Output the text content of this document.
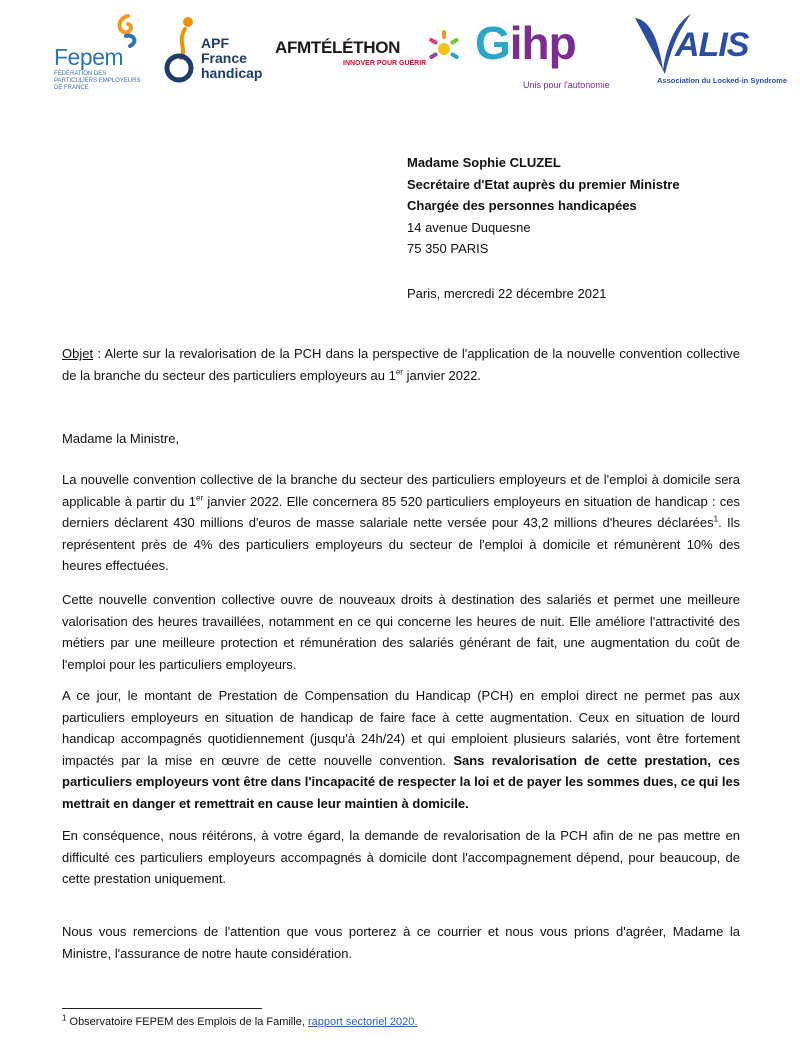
Fepem
FÉDÉRATION DES PARTICULIERS EMPLOYEURS DE FRANCE
APF
France
handicap
AFMTÉLÉTHON
INNOVER POUR GUÉRIR Gihp
Unis pour l'autonomie
ALIS
Association du Locked-in Syndrome
Madame Sophie CLUZEL
Secrétaire d'Etat auprès du premier Ministre
Chargée des personnes handicapées
14 avenue Duquesne
75 350 PARIS
Paris, mercredi 22 décembre 2021

Objet : Alerte sur la revalorisation de la PCH dans la perspective de l'application de la nouvelle convention collective de la branche du secteur des particuliers employeurs au 1er janvier 2022.

Madame la Ministre,

La nouvelle convention collective de la branche du secteur des particuliers employeurs et de l'emploi à domicile sera applicable à partir du 1er janvier 2022. Elle concernera 85 520 particuliers employeurs en situation de handicap : ces derniers déclarent 430 millions d'euros de masse salariale nette versée pour 43,2 millions d'heures déclarées$^1$. Ils représentent près de 4% des particuliers employeurs du secteur de l'emploi à domicile et rémunèrent 10% des heures effectuées.

Cette nouvelle convention collective ouvre de nouveaux droits à destination des salariés et permet une meilleure valorisation des heures travaillées, notamment en ce qui concerne les heures de nuit. Elle améliore l'attractivité des métiers par une meilleure protection et rémunération des salariés générant de fait, une augmentation du coût de l'emploi pour les particuliers employeurs.

A ce jour, le montant de Prestation de Compensation du Handicap (PCH) en emploi direct ne permet pas aux particuliers employeurs en situation de handicap de faire face à cette augmentation. Ceux en situation de lourd handicap accompagnés quotidiennement (jusqu'à 24h/24) et qui emploient plusieurs salariés, vont être fortement impactés par la mise en œuvre de cette nouvelle convention. Sans revalorisation de cette prestation, ces particuliers employeurs vont être dans l'incapacité de respecter la loi et de payer les sommes dues, ce qui les mettrait en danger et remettrait en cause leur maintien à domicile.

En conséquence, nous réitérons, à votre égard, la demande de revalorisation de la PCH afin de ne pas mettre en difficulté ces particuliers employeurs accompagnés à domicile dont l'accompagnement dépend, pour beaucoup, de cette prestation uniquement.

Nous vous remercions de l'attention que vous porterez à ce courrier et nous vous prions d'agréer, Madame la Ministre, l'assurance de notre haute considération.

$^1$ Observatoire FEPEM des Emplois de la Famille, rapport sectoriel 2020.
